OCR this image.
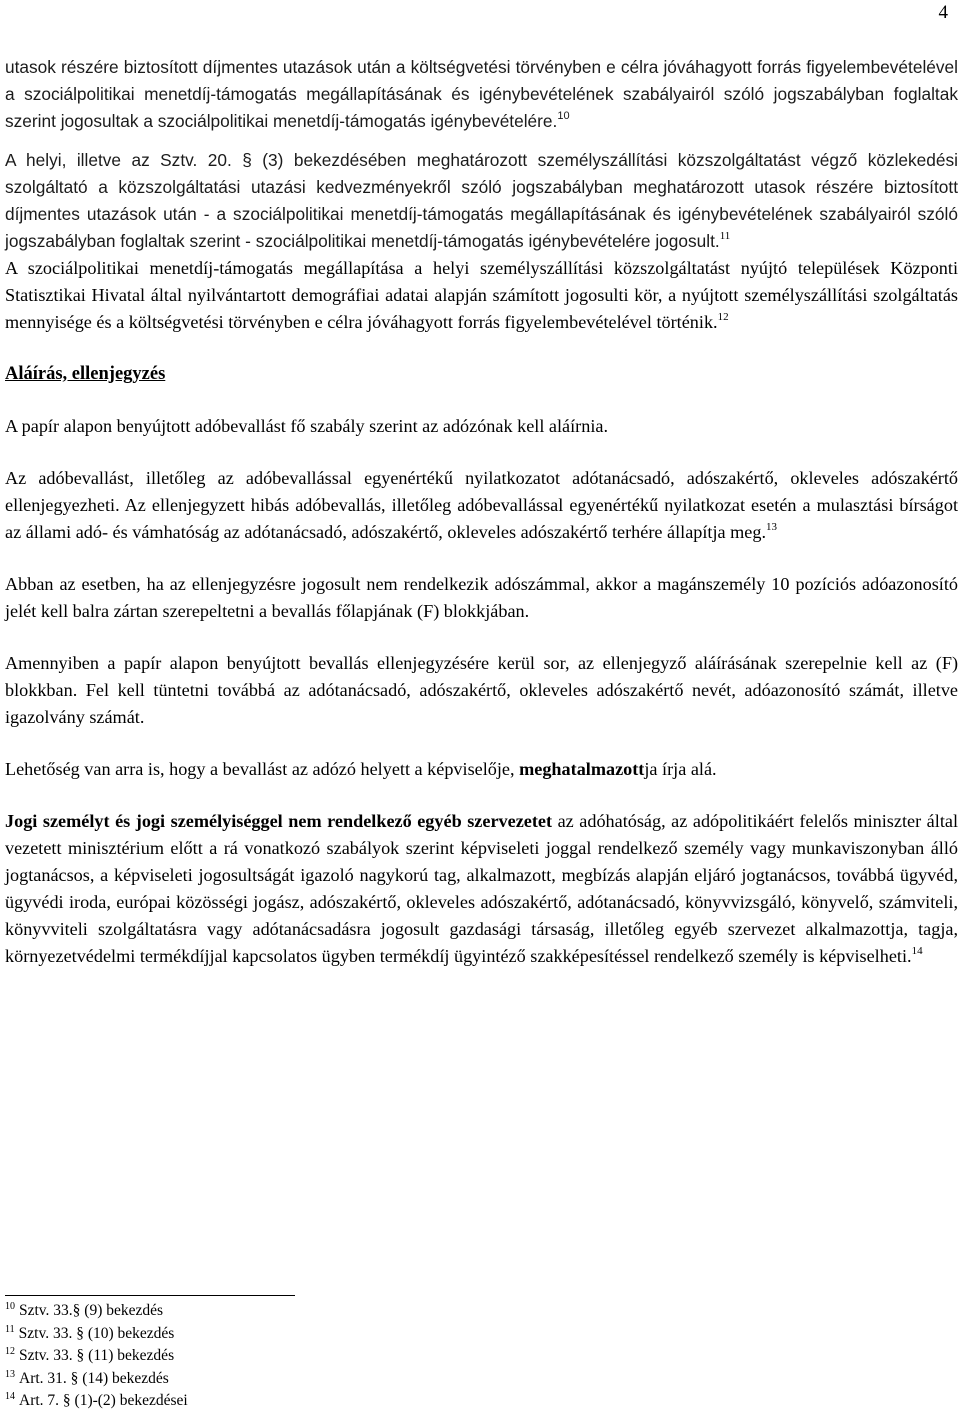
4

utasok részére biztosított díjmentes utazások után a költségvetési törvényben e célra jóváhagyott forrás figyelembevételével a szociálpolitikai menetdíj-támogatás megállapításának és igénybevételének szabályairól szóló jogszabályban foglaltak szerint jogosultak a szociálpolitikai menetdíj-támogatás igénybevételére.$^{10}$

A helyi, illetve az Sztv. 20. § (3) bekezdésében meghatározott személyszállítási közszolgáltatást végző közlekedési szolgáltató a közszolgáltatási utazási kedvezményekről szóló jogszabályban meghatározott utasok részére biztosított díjmentes utazások után - a szociálpolitikai menetdíj-támogatás megállapításának és igénybevételének szabályairól szóló jogszabályban foglaltak szerint - szociálpolitikai menetdíj-támogatás igénybevételére jogosult.$^{11}$

A szociálpolitikai menetdíj-támogatás megállapítása a helyi személyszállítási közszolgáltatást nyújtó települések Központi Statisztikai Hivatal által nyilvántartott demográfiai adatai alapján számított jogosulti kör, a nyújtott személyszállítási szolgáltatás mennyisége és a költségvetési törvényben e célra jóváhagyott forrás figyelembevételével történik.$^{12}$

Aláírás, ellenjegyzés

A papír alapon benyújtott adóbevallást fő szabály szerint az adózónak kell aláírnia.

Az adóbevallást, illetőleg az adóbevallással egyenértékű nyilatkozatot adótanácsadó, adószakértő, okleveles adószakértő ellenjegyezheti. Az ellenjegyzett hibás adóbevallás, illetőleg adóbevallással egyenértékű nyilatkozat esetén a mulasztási bírságot az állami adó- és vámhatóság az adótanácsadó, adószakértő, okleveles adószakértő terhére állapítja meg.$^{13}$

Abban az esetben, ha az ellenjegyzésre jogosult nem rendelkezik adószámmal, akkor a magánszemély 10 pozíciós adóazonosító jelét kell balra zártan szerepeltetni a bevallás főlapjának (F) blokkjában.

Amennyiben a papír alapon benyújtott bevallás ellenjegyzésére kerül sor, az ellenjegyző aláírásának szerepelnie kell az (F) blokkban. Fel kell tüntetni továbbá az adótanácsadó, adószakértő, okleveles adószakértő nevét, adóazonosító számát, illetve igazolvány számát.

Lehetőség van arra is, hogy a bevallást az adózó helyett a képviselője, meghatalmazottja írja alá.

Jogi személyt és jogi személyiséggel nem rendelkező egyéb szervezetet az adóhatóság, az adópolitikáért felelős miniszter által vezetett minisztérium előtt a rá vonatkozó szabályok szerint képviseleti joggal rendelkező személy vagy munkaviszonyban álló jogtanácsos, a képviseleti jogosultságát igazoló nagykorú tag, alkalmazott, megbízás alapján eljáró jogtanácsos, továbbá ügyvéd, ügyvédi iroda, európai közösségi jogász, adószakértő, okleveles adószakértő, adótanácsadó, könyvvizsgáló, könyvelő, számviteli, könyvviteli szolgáltatásra vagy adótanácsadásra jogosult gazdasági társaság, illetőleg egyéb szervezet alkalmazottja, tagja, környezetvédelmi termékdíjjal kapcsolatos ügyben termékdíj ügyintéző szakképesítéssel rendelkező személy is képviselheti.$^{14}$

$^{10}$ Sztv. 33.§ (9) bekezdés

$^{11}$ Sztv. 33. § (10) bekezdés

$^{12}$ Sztv. 33. § (11) bekezdés

$^{13}$ Art. 31. § (14) bekezdés

$^{14}$ Art. 7. § (1)-(2) bekezdései
